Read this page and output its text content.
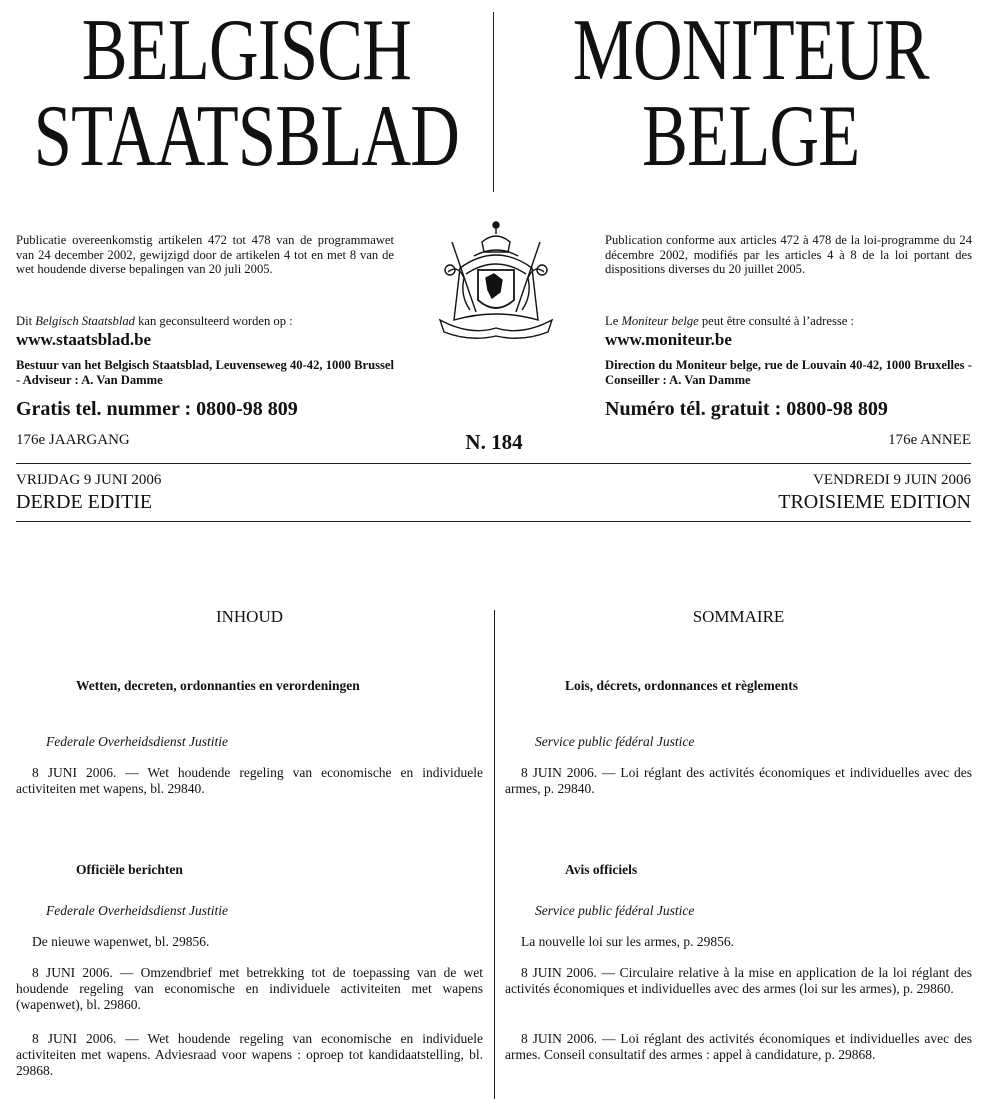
BELGISCH
STAATSBLAD
MONITEUR
BELGE
Publicatie overeenkomstig artikelen 472 tot 478 van de programmawet van 24 december 2002, gewijzigd door de artikelen 4 tot en met 8 van de wet houdende diverse bepalingen van 20 juli 2005.
Dit Belgisch Staatsblad kan geconsulteerd worden op :
www.staatsblad.be
Bestuur van het Belgisch Staatsblad, Leuvenseweg 40-42, 1000 Brussel - Adviseur : A. Van Damme
Gratis tel. nummer : 0800-98 809
176e JAARGANG	N. 184
Publication conforme aux articles 472 à 478 de la loi-programme du 24 décembre 2002, modifiés par les articles 4 à 8 de la loi portant des dispositions diverses du 20 juillet 2005.
Le Moniteur belge peut être consulté à l’adresse :
www.moniteur.be
Direction du Moniteur belge, rue de Louvain 40-42, 1000 Bruxelles - Conseiller : A. Van Damme
Numéro tél. gratuit : 0800-98 809
176e ANNEE
VRIJDAG 9 JUNI 2006
DERDE EDITIE
VENDREDI 9 JUIN 2006
TROISIEME EDITION
INHOUD
Wetten, decreten, ordonnanties en verordeningen
Federale Overheidsdienst Justitie
8 JUNI 2006. — Wet houdende regeling van economische en individuele activiteiten met wapens, bl. 29840.
Officiële berichten
Federale Overheidsdienst Justitie
De nieuwe wapenwet, bl. 29856.
8 JUNI 2006. — Omzendbrief met betrekking tot de toepassing van de wet houdende regeling van economische en individuele activiteiten met wapens (wapenwet), bl. 29860.
8 JUNI 2006. — Wet houdende regeling van economische en individuele activiteiten met wapens. Adviesraad voor wapens : oproep tot kandidaatstelling, bl. 29868.
SOMMAIRE
Lois, décrets, ordonnances et règlements
Service public fédéral Justice
8 JUIN 2006. — Loi réglant des activités économiques et individuelles avec des armes, p. 29840.
Avis officiels
Service public fédéral Justice
La nouvelle loi sur les armes, p. 29856.
8 JUIN 2006. — Circulaire relative à la mise en application de la loi réglant des activités économiques et individuelles avec des armes (loi sur les armes), p. 29860.
8 JUIN 2006. — Loi réglant des activités économiques et individuelles avec des armes. Conseil consultatif des armes : appel à candidature, p. 29868.
